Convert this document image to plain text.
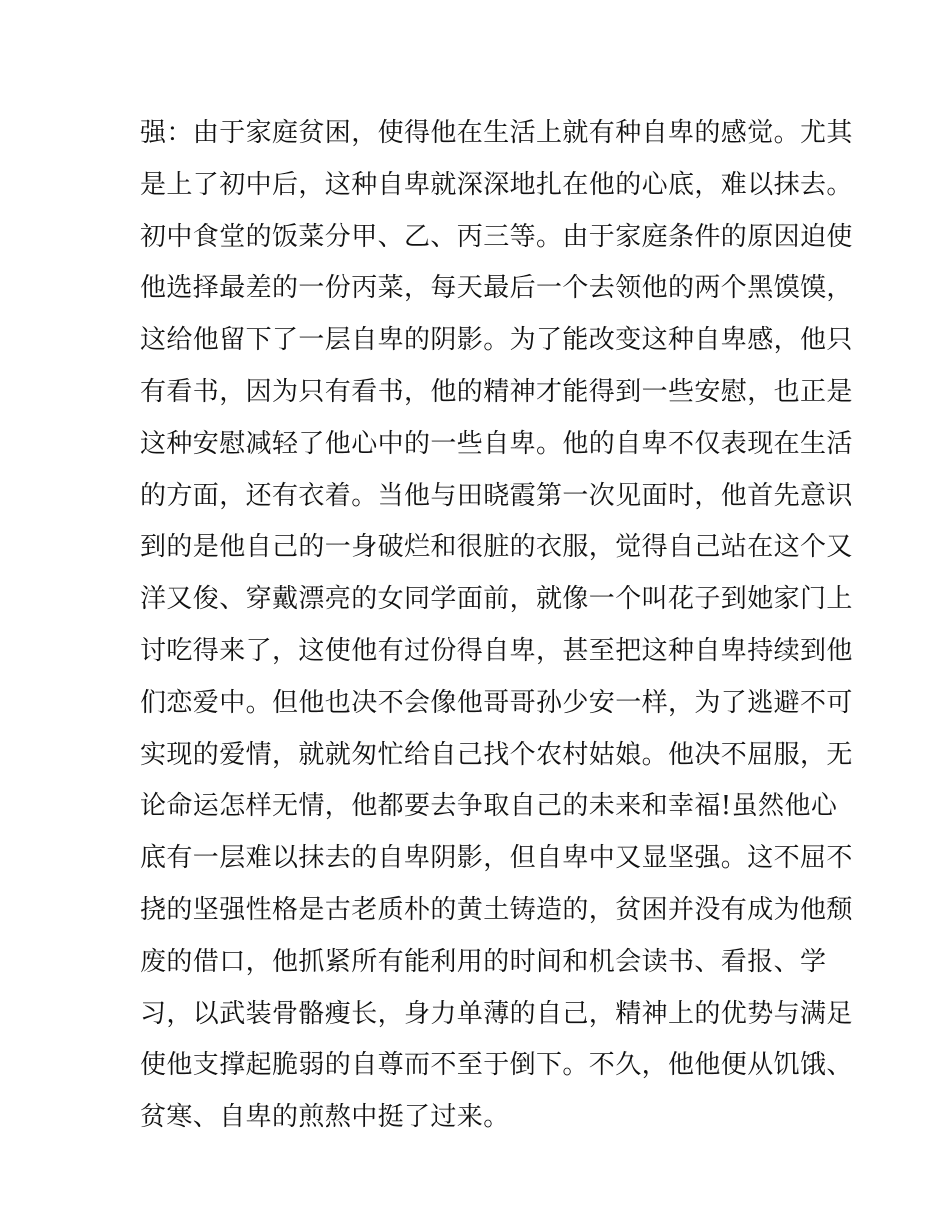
强：由于家庭贫困，使得他在生活上就有种自卑的感觉。尤其
是上了初中后，这种自卑就深深地扎在他的心底，难以抹去。
初中食堂的饭菜分甲、乙、丙三等。由于家庭条件的原因迫使
他选择最差的一份丙菜，每天最后一个去领他的两个黑馍馍，
这给他留下了一层自卑的阴影。为了能改变这种自卑感，他只
有看书，因为只有看书，他的精神才能得到一些安慰，也正是
这种安慰减轻了他心中的一些自卑。他的自卑不仅表现在生活
的方面，还有衣着。当他与田晓霞第一次见面时，他首先意识
到的是他自己的一身破烂和很脏的衣服，觉得自己站在这个又
洋又俊、穿戴漂亮的女同学面前，就像一个叫花子到她家门上
讨吃得来了，这使他有过份得自卑，甚至把这种自卑持续到他
们恋爱中。但他也决不会像他哥哥孙少安一样，为了逃避不可
实现的爱情，就就匆忙给自己找个农村姑娘。他决不屈服，无
论命运怎样无情，他都要去争取自己的未来和幸福!虽然他心
底有一层难以抹去的自卑阴影，但自卑中又显坚强。这不屈不
挠的坚强性格是古老质朴的黄土铸造的，贫困并没有成为他颓
废的借口，他抓紧所有能利用的时间和机会读书、看报、学
习，以武装骨骼瘦长，身力单薄的自己，精神上的优势与满足
使他支撑起脆弱的自尊而不至于倒下。不久，他他便从饥饿、
贫寒、自卑的煎熬中挺了过来。
